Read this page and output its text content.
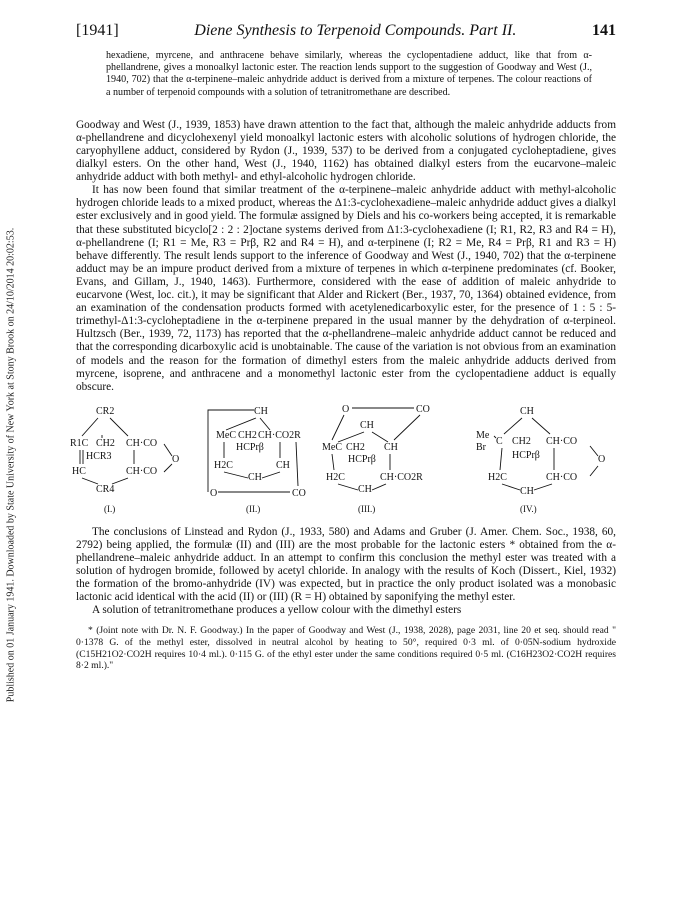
Published on 01 January 1941. Downloaded by State University of New York at Stony Brook on 24/10/2014 20:02:53.
[1941]	Diene Synthesis to Terpenoid Compounds. Part II.	141

hexadiene, myrcene, and anthracene behave similarly, whereas the cyclopentadiene adduct, like that from α-phellandrene, gives a monoalkyl lactonic ester. The reaction lends support to the suggestion of Goodway and West (J., 1940, 702) that the α-terpinene–maleic anhydride adduct is derived from a mixture of terpenes. The colour reactions of a number of terpenoid compounds with a solution of tetranitromethane are described.

Goodway and West (J., 1939, 1853) have drawn attention to the fact that, although the maleic anhydride adducts from α-phellandrene and dicyclohexenyl yield monoalkyl lactonic esters with alcoholic solutions of hydrogen chloride, the caryophyllene adduct, considered by Rydon (J., 1939, 537) to be derived from a conjugated cycloheptadiene, gives dialkyl esters. On the other hand, West (J., 1940, 1162) has obtained dialkyl esters from the eucarvone–maleic anhydride adduct with both methyl- and ethyl-alcoholic hydrogen chloride.

It has now been found that similar treatment of the α-terpinene–maleic anhydride adduct with methyl-alcoholic hydrogen chloride leads to a mixed product, whereas the Δ1:3-cyclohexadiene–maleic anhydride adduct gives a dialkyl ester exclusively and in good yield. The formulæ assigned by Diels and his co-workers being accepted, it is remarkable that these substituted bicyclo[2 : 2 : 2]octane systems derived from Δ1:3-cyclohexadiene (I; R1, R2, R3 and R4 = H), α-phellandrene (I; R1 = Me, R3 = Prβ, R2 and R4 = H), and α-terpinene (I; R2 = Me, R4 = Prβ, R1 and R3 = H) behave differently. The result lends support to the inference of Goodway and West (J., 1940, 702) that the α-terpinene adduct may be an impure product derived from a mixture of terpenes in which α-terpinene predominates (cf. Booker, Evans, and Gillam, J., 1940, 1463). Furthermore, considered with the ease of addition of maleic anhydride to eucarvone (West, loc. cit.), it may be significant that Alder and Rickert (Ber., 1937, 70, 1364) obtained evidence, from an examination of the condensation products formed with acetylenedicarboxylic ester, for the presence of 1 : 5 : 5-trimethyl-Δ1:3-cycloheptadiene in the α-terpinene prepared in the usual manner by the dehydration of α-terpineol. Hultzsch (Ber., 1939, 72, 1173) has reported that the α-phellandrene–maleic anhydride adduct cannot be reduced and that the corresponding dicarboxylic acid is unobtainable. The cause of the variation is not obvious from an examination of models and the reason for the formation of dimethyl esters from the maleic anhydride adducts derived from myrcene, isoprene, and anthracene and a monomethyl lactonic ester from the cyclopentadiene adduct is equally obscure.

CR2
R1C CH2
HCR3
CH·CO
HC	CH·CO
O
CR4
(I.)
CH
MeC CH2 CH·CO2R
HCPrβ
H2C	CH
CH
O	CO
(II.)
O	CO
CH
MeC CH2 CH
HCPrβ
H2C	CH·CO2R
CH
(III.)
CH
Me
Br
C CH2 CH·CO
HCPrβ	O
H2C	CH·CO
CH
(IV.)

The conclusions of Linstead and Rydon (J., 1933, 580) and Adams and Gruber (J. Amer. Chem. Soc., 1938, 60, 2792) being applied, the formulæ (II) and (III) are the most probable for the lactonic esters * obtained from the α-phellandrene–maleic anhydride adduct. In an attempt to confirm this conclusion the methyl ester was treated with a solution of hydrogen bromide, followed by acetyl chloride. In analogy with the results of Koch (Dissert., Kiel, 1932) the formation of the bromo-anhydride (IV) was expected, but in practice the only product isolated was a monobasic lactonic acid identical with the acid (II) or (III) (R = H) obtained by saponifying the methyl ester.

A solution of tetranitromethane produces a yellow colour with the dimethyl esters

* (Joint note with Dr. N. F. Goodway.) In the paper of Goodway and West (J., 1938, 2028), page 2031, line 20 et seq. should read " 0·1378 G. of the methyl ester, dissolved in neutral alcohol by heating to 50°, required 0·3 ml. of 0·05N-sodium hydroxide (C15H21O2·CO2H requires 10·4 ml.). 0·115 G. of the ethyl ester under the same conditions required 0·5 ml. (C16H23O2·CO2H requires 8·2 ml.)."
